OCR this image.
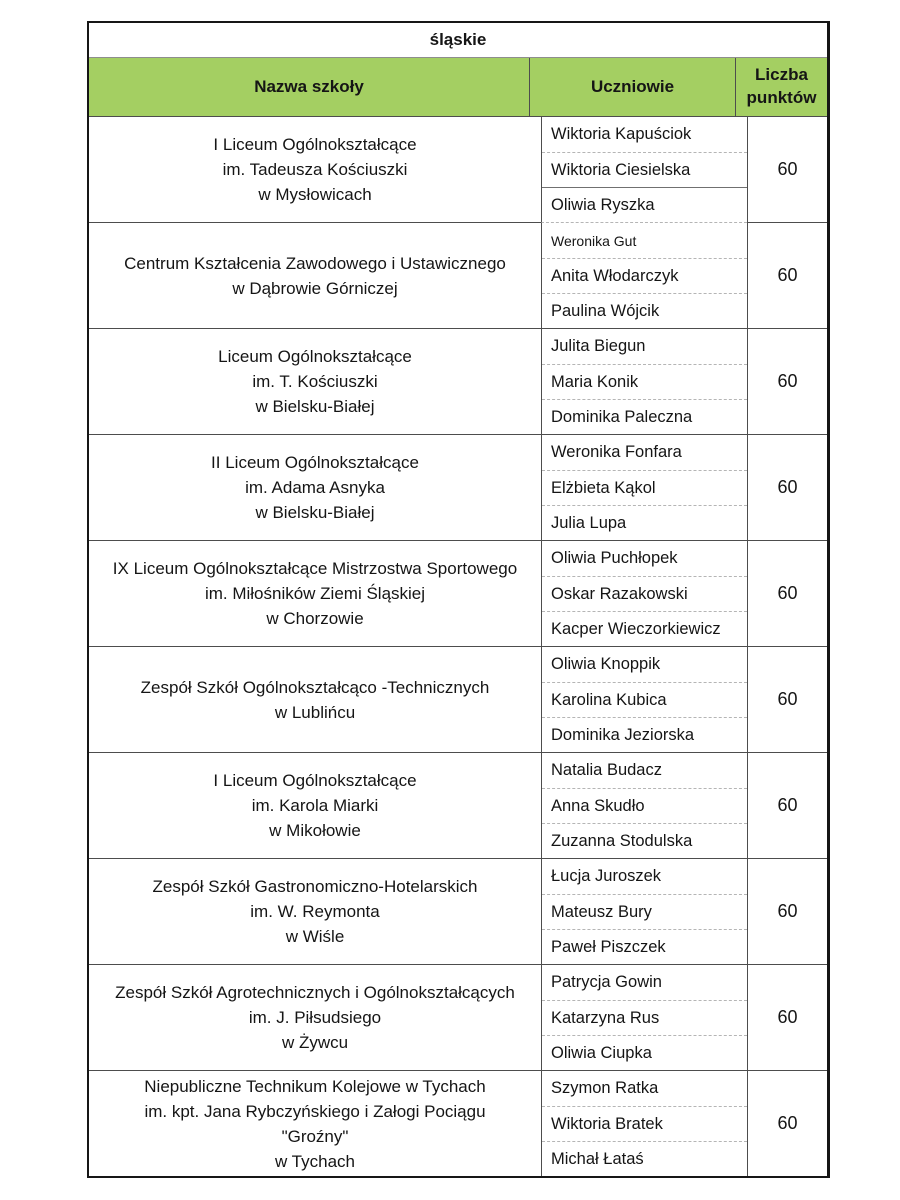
śląskie
Nazwa szkoły	Uczniowie
Liczba
punktów
I Liceum Ogólnokształcące
im. Tadeusza Kościuszki
w Mysłowicach
Wiktoria Kapuściok
Wiktoria Ciesielska
Oliwia Ryszka
60
Centrum Kształcenia Zawodowego i Ustawicznego
w Dąbrowie Górniczej
Weronika Gut
Anita Włodarczyk
Paulina Wójcik
60
Liceum Ogólnokształcące
im. T. Kościuszki
w Bielsku-Białej
Julita Biegun
Maria Konik
Dominika Paleczna
60
II Liceum Ogólnokształcące
im. Adama Asnyka
w Bielsku-Białej
Weronika Fonfara
Elżbieta Kąkol
Julia Lupa
60
IX Liceum Ogólnokształcące Mistrzostwa Sportowego
im. Miłośników Ziemi Śląskiej
w Chorzowie
Oliwia Puchłopek
Oskar Razakowski
Kacper Wieczorkiewicz
60
Zespół Szkół Ogólnokształcąco -Technicznych
w Lublińcu
Oliwia Knoppik
Karolina Kubica
Dominika Jeziorska
60
I Liceum Ogólnokształcące
im. Karola Miarki
w Mikołowie
Natalia Budacz
Anna Skudło
Zuzanna Stodulska
60
Zespół Szkół Gastronomiczno-Hotelarskich
im. W. Reymonta
w Wiśle
Łucja Juroszek
Mateusz Bury
Paweł Piszczek
60
Zespół Szkół Agrotechnicznych i Ogólnokształcących
im. J. Piłsudsiego
w Żywcu
Patrycja Gowin
Katarzyna Rus
Oliwia Ciupka
60
Niepubliczne Technikum Kolejowe w Tychach
im. kpt. Jana Rybczyńskiego i Załogi Pociągu
"Groźny"
w Tychach
Szymon Ratka
Wiktoria Bratek
Michał Łataś
60
